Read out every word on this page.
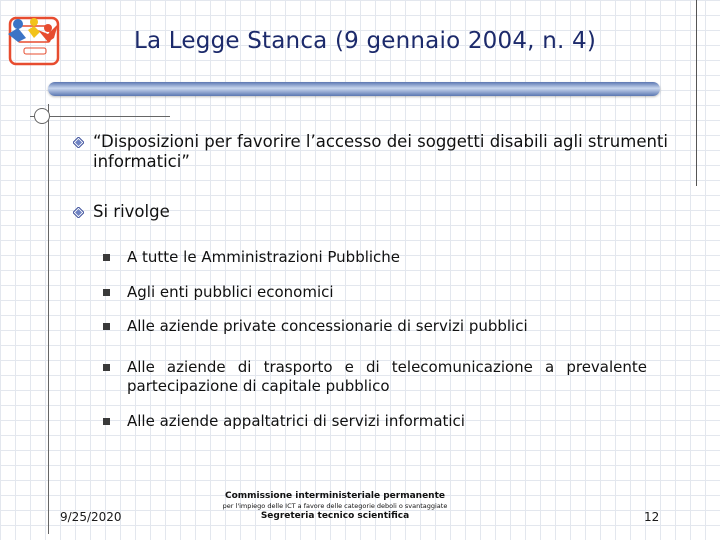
La Legge Stanca (9 gennaio 2004, n. 4)
“Disposizioni per favorire l’accesso dei soggetti disabili agli strumenti informatici”
Si rivolge
A tutte le Amministrazioni Pubbliche
Agli enti pubblici economici
Alle aziende private concessionarie di servizi pubblici
Alle aziende di trasporto e di telecomunicazione a prevalente partecipazione di capitale pubblico
Alle aziende appaltatrici di servizi informatici
9/25/2020
Commissione interministeriale permanente
per l'impiego delle ICT a favore delle categorie deboli o svantaggiate
Segreteria tecnico scientifica	12
